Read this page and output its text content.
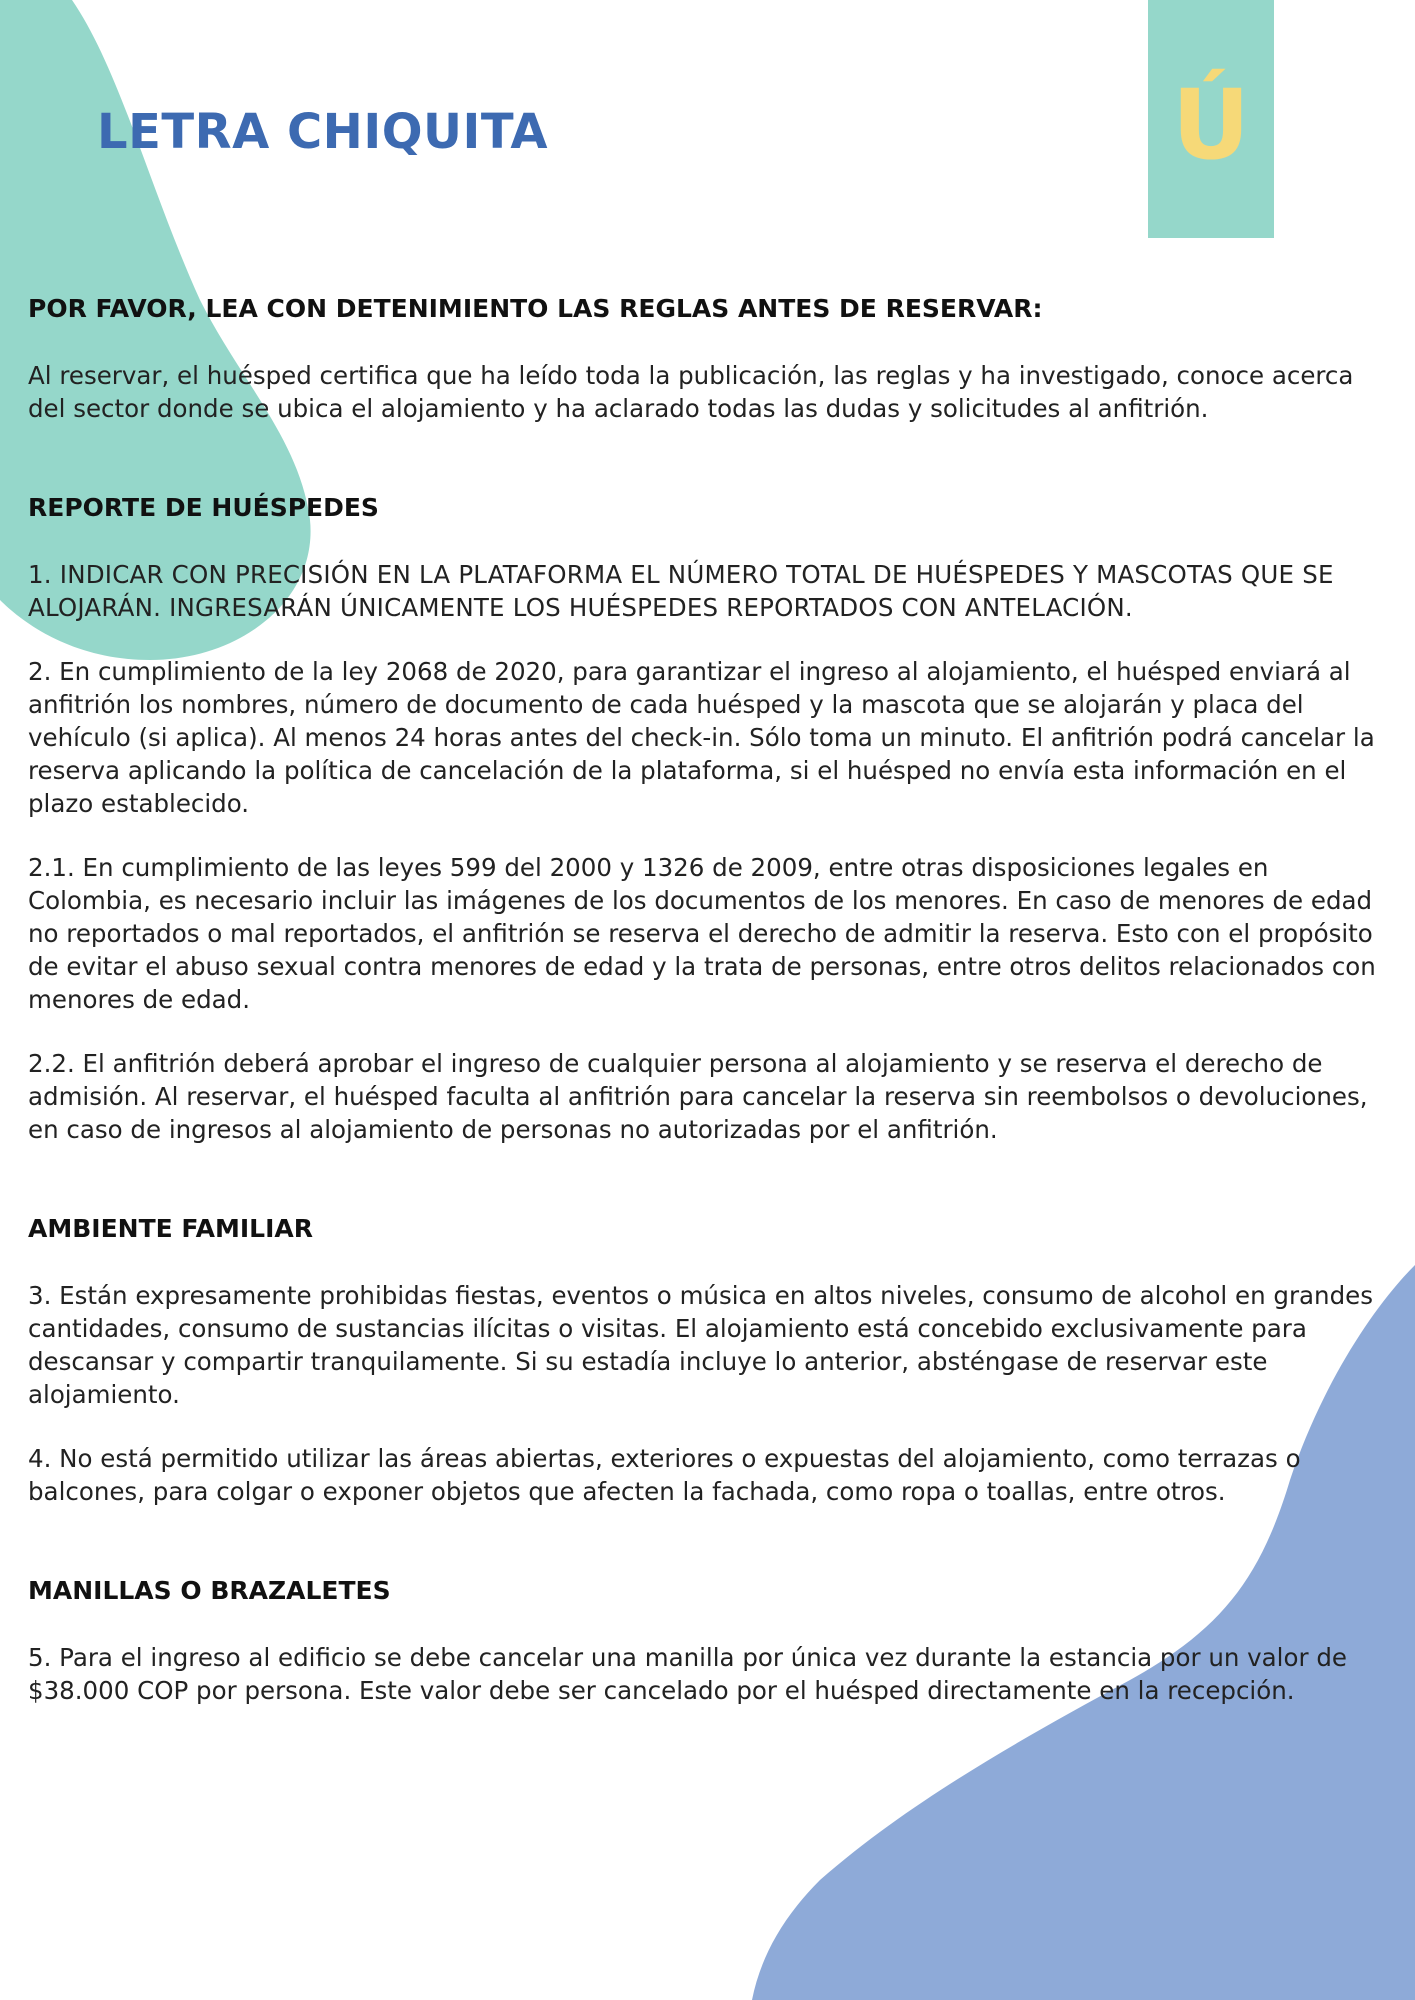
Ú
LETRA CHIQUITA
POR FAVOR, LEA CON DETENIMIENTO LAS REGLAS ANTES DE RESERVAR:

Al reservar, el huésped certifica que ha leído toda la publicación, las reglas y ha investigado, conoce acerca del sector donde se ubica el alojamiento y ha aclarado todas las dudas y solicitudes al anfitrión.

REPORTE DE HUÉSPEDES

1. INDICAR CON PRECISIÓN EN LA PLATAFORMA EL NÚMERO TOTAL DE HUÉSPEDES Y MASCOTAS QUE SE ALOJARÁN. INGRESARÁN ÚNICAMENTE LOS HUÉSPEDES REPORTADOS CON ANTELACIÓN.

2. En cumplimiento de la ley 2068 de 2020, para garantizar el ingreso al alojamiento, el huésped enviará al anfitrión los nombres, número de documento de cada huésped y la mascota que se alojarán y placa del vehículo (si aplica). Al menos 24 horas antes del check-in. Sólo toma un minuto. El anfitrión podrá cancelar la reserva aplicando la política de cancelación de la plataforma, si el huésped no envía esta información en el plazo establecido.

2.1. En cumplimiento de las leyes 599 del 2000 y 1326 de 2009, entre otras disposiciones legales en Colombia, es necesario incluir las imágenes de los documentos de los menores. En caso de menores de edad no reportados o mal reportados, el anfitrión se reserva el derecho de admitir la reserva. Esto con el propósito de evitar el abuso sexual contra menores de edad y la trata de personas, entre otros delitos relacionados con menores de edad.

2.2. El anfitrión deberá aprobar el ingreso de cualquier persona al alojamiento y se reserva el derecho de admisión. Al reservar, el huésped faculta al anfitrión para cancelar la reserva sin reembolsos o devoluciones, en caso de ingresos al alojamiento de personas no autorizadas por el anfitrión.

AMBIENTE FAMILIAR

3. Están expresamente prohibidas fiestas, eventos o música en altos niveles, consumo de alcohol en grandes cantidades, consumo de sustancias ilícitas o visitas. El alojamiento está concebido exclusivamente para descansar y compartir tranquilamente. Si su estadía incluye lo anterior, absténgase de reservar este alojamiento.

4. No está permitido utilizar las áreas abiertas, exteriores o expuestas del alojamiento, como terrazas o balcones, para colgar o exponer objetos que afecten la fachada, como ropa o toallas, entre otros.

MANILLAS O BRAZALETES

5. Para el ingreso al edificio se debe cancelar una manilla por única vez durante la estancia por un valor de $38.000 COP por persona. Este valor debe ser cancelado por el huésped directamente en la recepción.
